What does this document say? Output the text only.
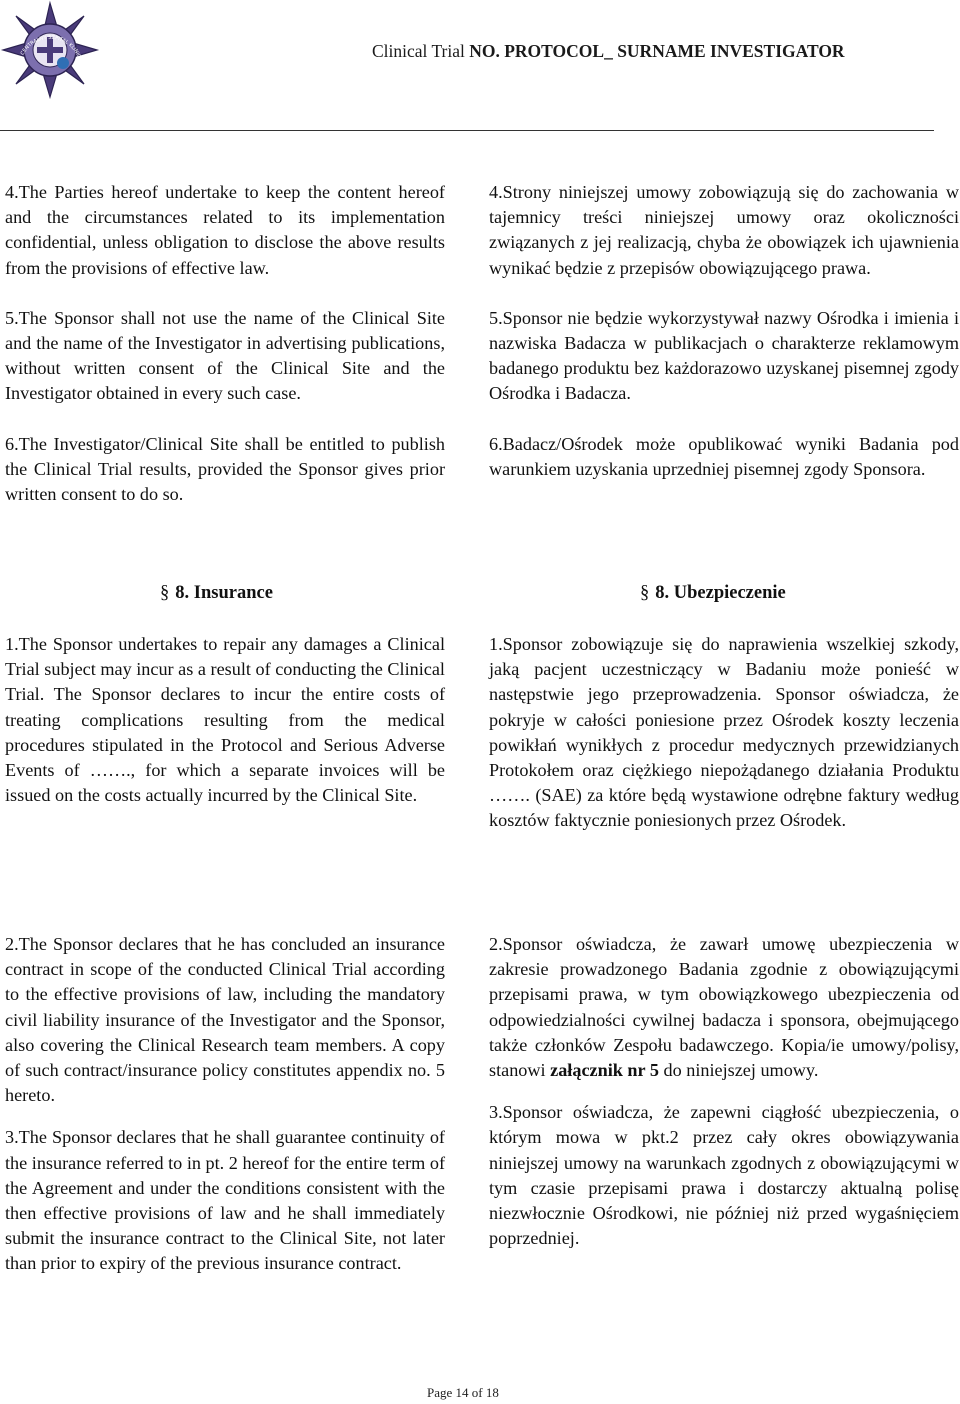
CENTRALNY SZPITAL KLINIC	Clinical Trial NO. PROTOCOL_ SURNAME INVESTIGATOR

4.The Parties hereof undertake to keep the content hereof and the circumstances related to its implementation confidential, unless obligation to disclose the above results from the provisions of effective law.

5.The Sponsor shall not use the name of the Clinical Site and the name of the Investigator in advertising publications, without written consent of the Clinical Site and the Investigator obtained in every such case.

6.The Investigator/Clinical Site shall be entitled to publish the Clinical Trial results, provided the Sponsor gives prior written consent to do so.

§ 8. Insurance

1.The Sponsor undertakes to repair any damages a Clinical Trial subject may incur as a result of conducting the Clinical Trial. The Sponsor declares to incur the entire costs of treating complications resulting from the medical procedures stipulated in the Protocol and Serious Adverse Events of ……., for which a separate invoices will be issued on the costs actually incurred by the Clinical Site.

2.The Sponsor declares that he has concluded an insurance contract in scope of the conducted Clinical Trial according to the effective provisions of law, including the mandatory civil liability insurance of the Investigator and the Sponsor, also covering the Clinical Research team members. A copy of such contract/insurance policy constitutes appendix no. 5 hereto.

3.The Sponsor declares that he shall guarantee continuity of the insurance referred to in pt. 2 hereof for the entire term of the Agreement and under the conditions consistent with the then effective provisions of law and he shall immediately submit the insurance contract to the Clinical Site, not later than prior to expiry of the previous insurance contract.

4.Strony niniejszej umowy zobowiązują się do zachowania w tajemnicy treści niniejszej umowy oraz okoliczności związanych z jej realizacją, chyba że obowiązek ich ujawnienia wynikać będzie z przepisów obowiązującego prawa.

5.Sponsor nie będzie wykorzystywał nazwy Ośrodka i imienia i nazwiska Badacza w publikacjach o charakterze reklamowym badanego produktu bez każdorazowo uzyskanej pisemnej zgody Ośrodka i Badacza.

6.Badacz/Ośrodek może opublikować wyniki Badania pod warunkiem uzyskania uprzedniej pisemnej zgody Sponsora.

§ 8. Ubezpieczenie

1.Sponsor zobowiązuje się do naprawienia wszelkiej szkody, jaką pacjent uczestniczący w Badaniu może ponieść w następstwie jego przeprowadzenia. Sponsor oświadcza, że pokryje w całości poniesione przez Ośrodek koszty leczenia powikłań wynikłych z procedur medycznych przewidzianych Protokołem oraz ciężkiego niepożądanego działania Produktu ……. (SAE) za które będą wystawione odrębne faktury według kosztów faktycznie poniesionych przez Ośrodek.

2.Sponsor oświadcza, że zawarł umowę ubezpieczenia w zakresie prowadzonego Badania zgodnie z obowiązującymi przepisami prawa, w tym obowiązkowego ubezpieczenia od odpowiedzialności cywilnej badacza i sponsora, obejmującego także członków Zespołu badawczego. Kopia/ie umowy/polisy, stanowi załącznik nr 5 do niniejszej umowy.

3.Sponsor oświadcza, że zapewni ciągłość ubezpieczenia, o którym mowa w pkt.2 przez cały okres obowiązywania niniejszej umowy na warunkach zgodnych z obowiązującymi w tym czasie przepisami prawa i dostarczy aktualną polisę niezwłocznie Ośrodkowi, nie później niż przed wygaśnięciem poprzedniej.

Page 14 of 18
